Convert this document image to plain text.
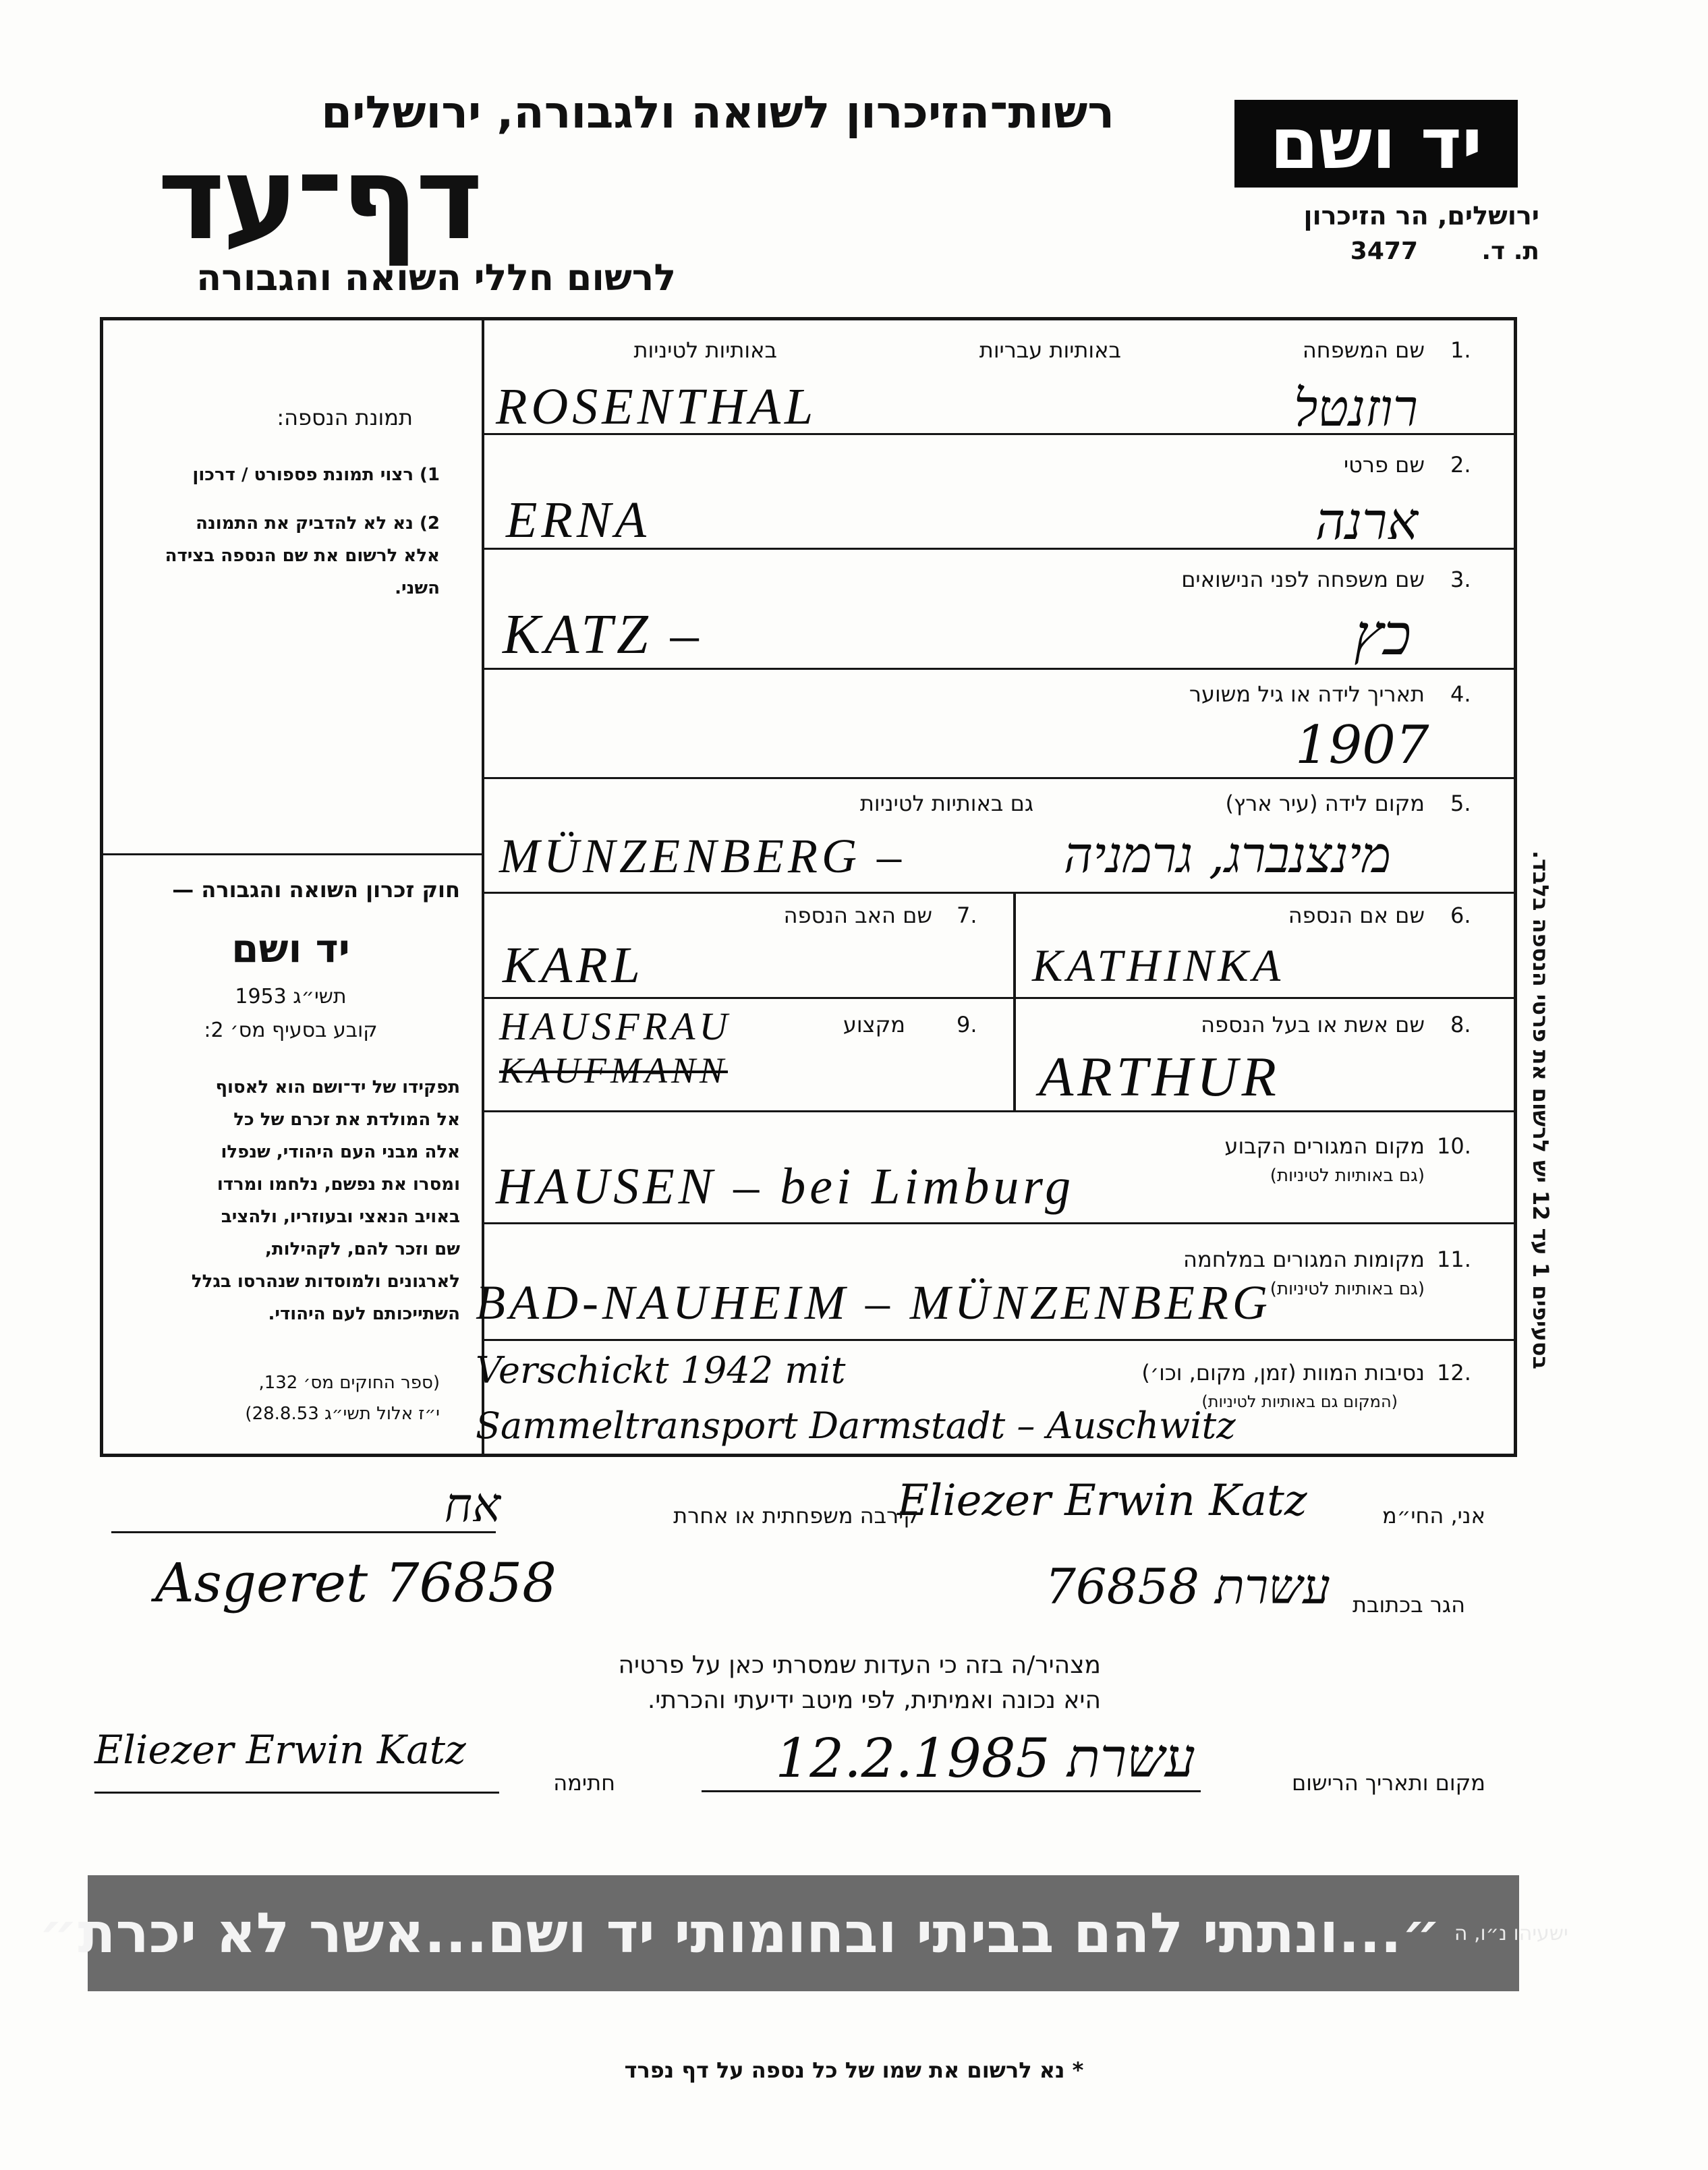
יד ושם
ירושלים, הר הזיכרון
ת. ד.
3477
רשות־הזיכרון לשואה ולגבורה, ירושלים
דף־עד
לרשום חללי השואה והגבורה
תמונת הנספה:
1) רצוי תמונת פספורט / דרכון
2) נא לא להדביק את התמונה
אלא לרשום את שם הנספה בצידה
השני.
חוק זכרון השואה והגבורה —
יד ושם
תשי״ג 1953
קובע בסעיף מס׳ 2:
תפקידו של יד־ושם הוא לאסוף
אל המולדת את זכרם של כל
אלה מבני העם היהודי, שנפלו
ומסרו את נפשם, נלחמו ומרדו
באויב הנאצי ובעוזריו, ולהציב
שם וזכר להם, לקהילות,
לארגונים ולמוסדות שנהרסו בגלל
השתייכותם לעם היהודי.
(ספר החוקים מס׳ 132,
י״ז אלול תשי״ג 28.8.53)
בסעיפים 1 עד 12 יש לרשום את פרטי הנספה בלבד.
1.
שם המשפחה
באותיות עבריות
באותיות לטיניות
ROSENTHAL	רוזנטל
2.
שם פרטי
ERNA	ארנה
3.
שם משפחה לפני הנישואים
KATZ –	כץ
4.
תאריך לידה או גיל משוער
1907
5.
מקום לידה (עיר ארץ)
גם באותיות לטיניות
MÜNZENBERG –	מינצנברג, גרמניה
6.
שם אם הנספה
KATHINKA
7.
שם האב הנספה
KARL
8.
שם אשת או בעל הנספה
ARTHUR
9.
מקצוע
HAUSFRAU
KAUFMANN
10.
מקום המגורים הקבוע
(גם באותיות לטיניות)
HAUSEN – bei Limburg
11.
מקומות המגורים במלחמה
(גם באותיות לטיניות)
BAD-NAUHEIM – MÜNZENBERG
12.
נסיבות המוות (זמן, מקום, וכו׳)
(המקום גם באותיות לטיניות)
Verschickt 1942 mit
Sammeltransport Darmstadt – Auschwitz
אני, החי״מ
Eliezer Erwin Katz
קירבה משפחתית או אחרת
אח
הגר בכתובת
Asgeret 76858	עשרת 76858
מצהיר/ה בזה כי העדות שמסרתי כאן על פרטיה
היא נכונה ואמיתית, לפי מיטב ידיעתי והכרתי.
Eliezer Erwin Katz
חתימה	עשרת 12.2.1985	מקום ותאריך הרישום
ישעיהו נ״ו, ה
״...ונתתי להם בביתי ובחומותי יד ושם...אשר לא יכרת״
* נא לרשום את שמו של כל נספה על דף נפרד
